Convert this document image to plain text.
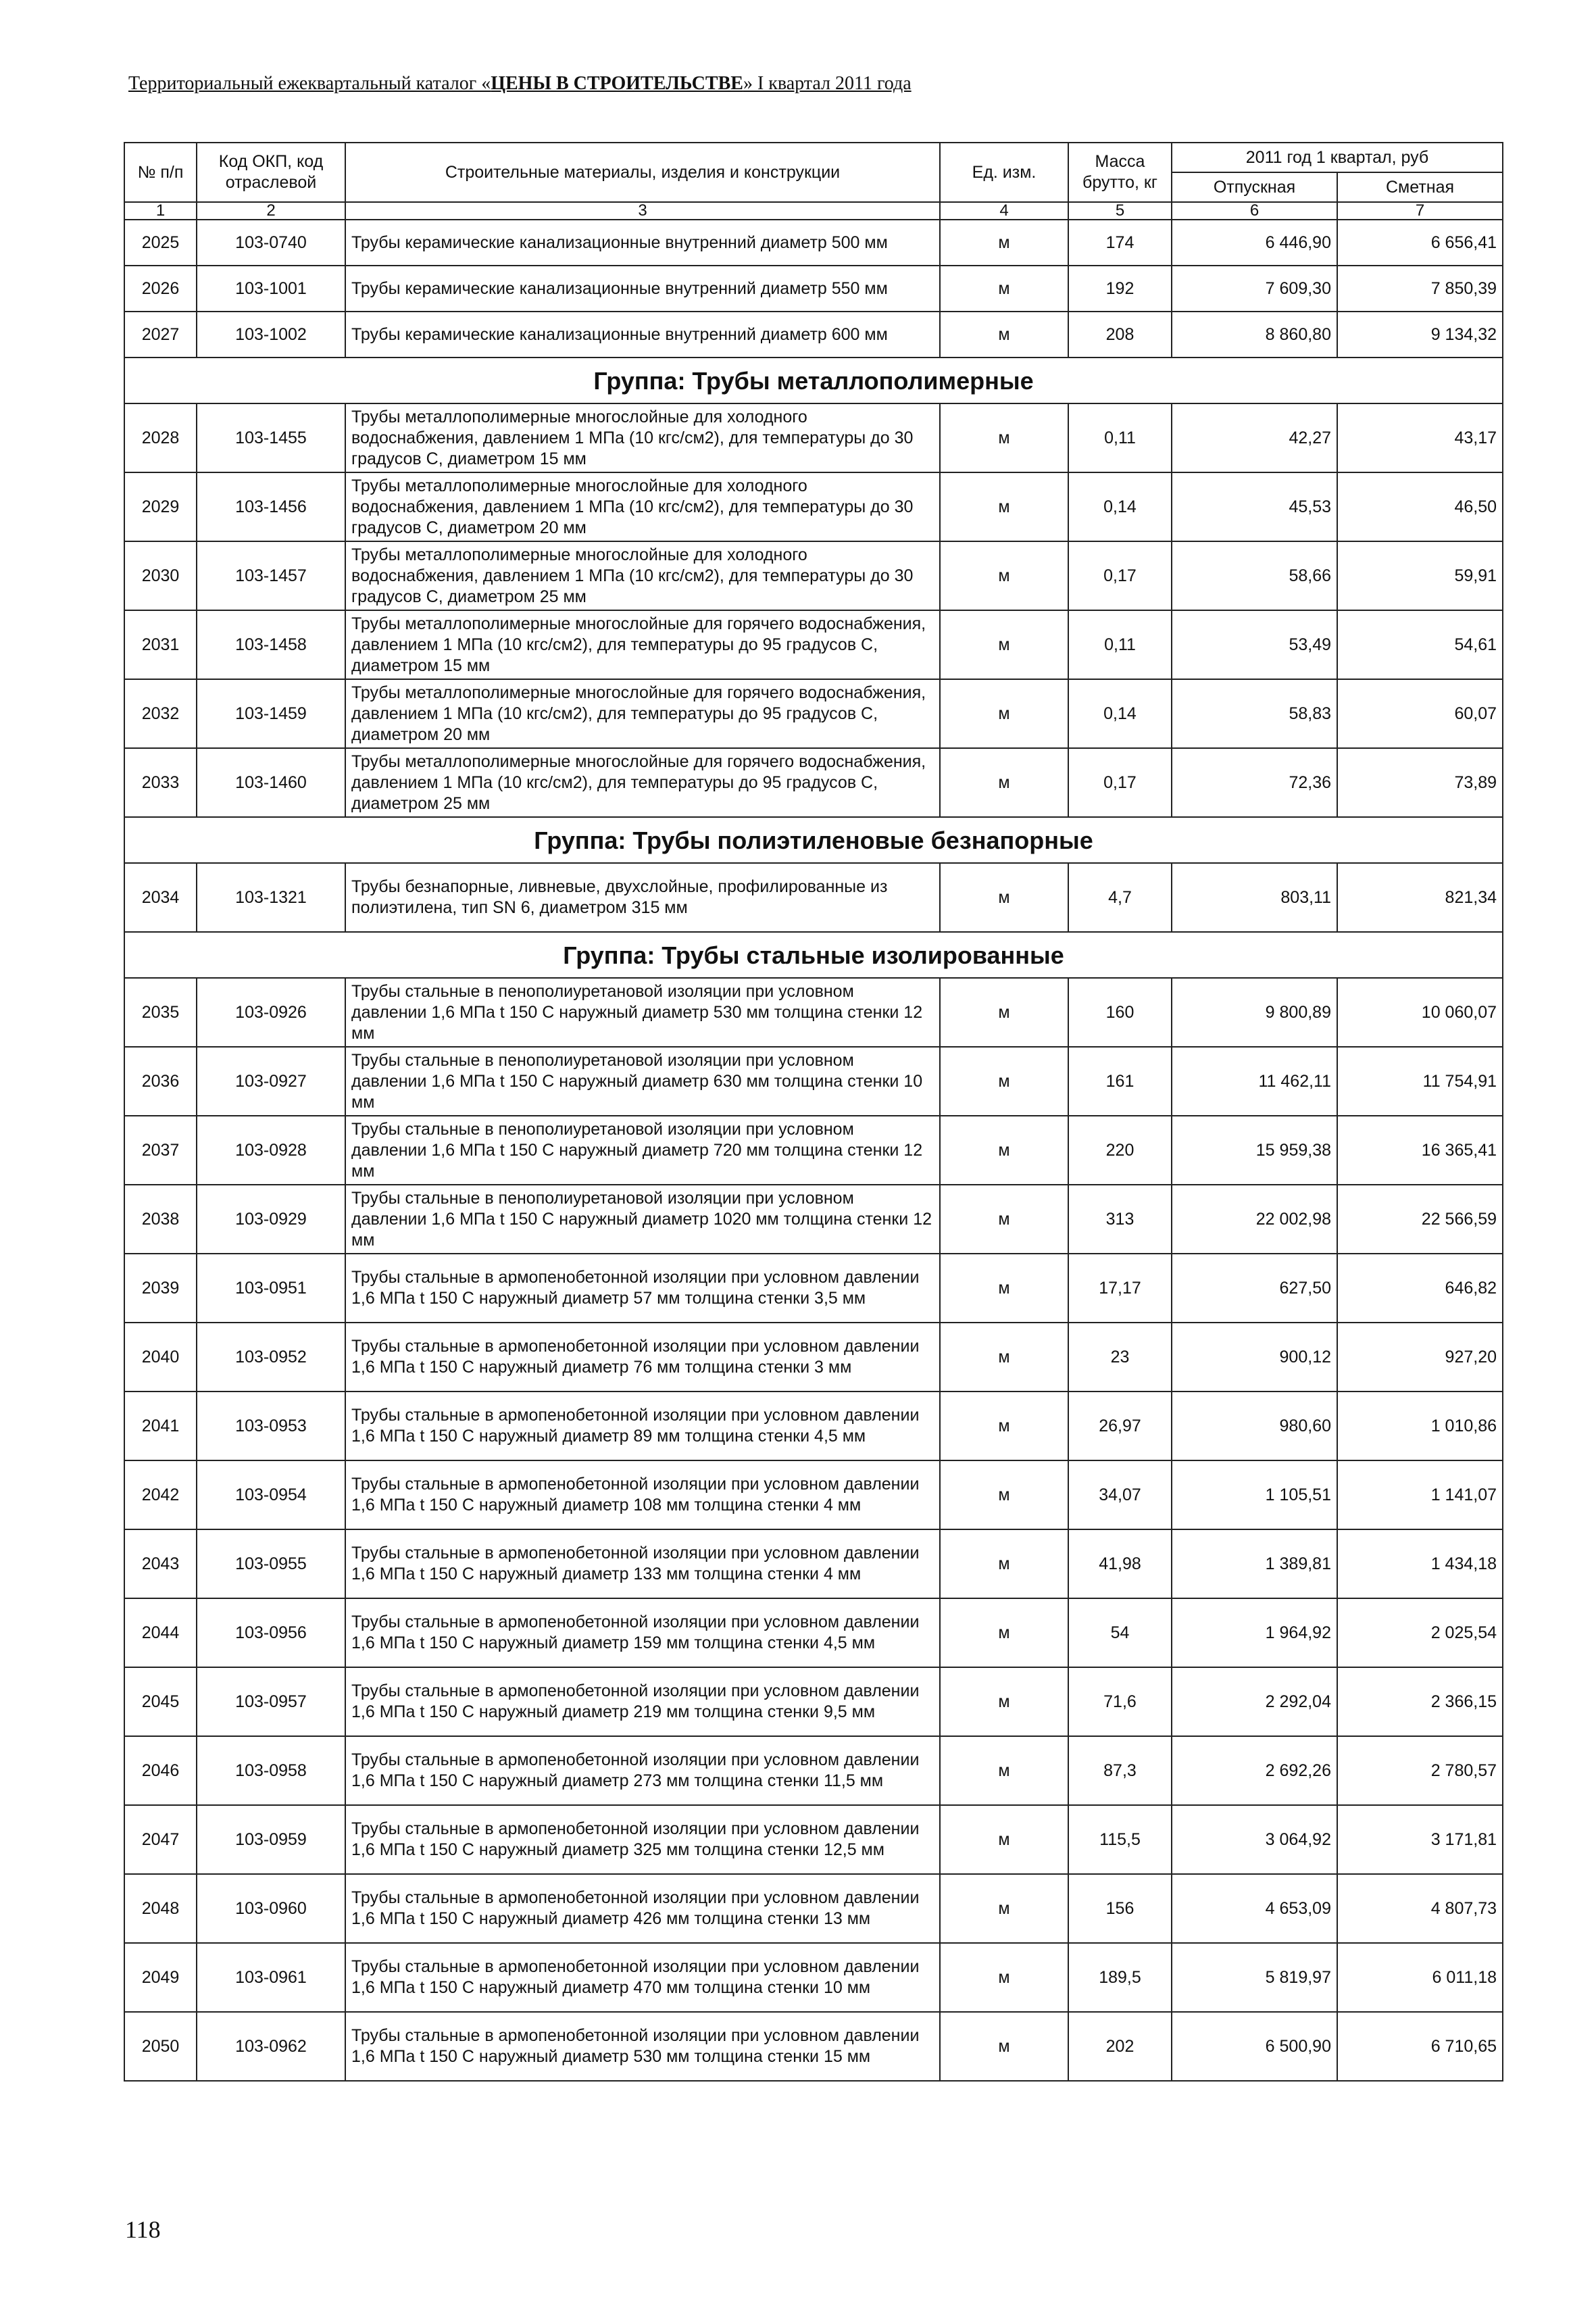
Территориальный ежеквартальный каталог «ЦЕНЫ В СТРОИТЕЛЬСТВЕ» I квартал 2011 года
№ п/п	Код ОКП, код отраслевой	Строительные материалы, изделия и конструкции	Ед. изм.	Масса брутто, кг	2011 год 1 квартал, руб	
					Отпускная	Сметная
1	2	3	4	5	6	7
2025	103-0740	Трубы керамические канализационные внутренний диаметр 500 мм	м	174	6 446,90	6 656,41
2026	103-1001	Трубы керамические канализационные внутренний диаметр 550 мм	м	192	7 609,30	7 850,39
2027	103-1002	Трубы керамические канализационные внутренний диаметр 600 мм	м	208	8 860,80	9 134,32
Группа: Трубы металлополимерные						
2028	103-1455	Трубы металлополимерные многослойные для холодного водоснабжения, давлением 1 МПа (10 кгс/см2), для температуры до 30 градусов С, диаметром 15 мм	м	0,11	42,27	43,17
2029	103-1456	Трубы металлополимерные многослойные для холодного водоснабжения, давлением 1 МПа (10 кгс/см2), для температуры до 30 градусов С, диаметром 20 мм	м	0,14	45,53	46,50
2030	103-1457	Трубы металлополимерные многослойные для холодного водоснабжения, давлением 1 МПа (10 кгс/см2), для температуры до 30 градусов С, диаметром 25 мм	м	0,17	58,66	59,91
2031	103-1458	Трубы металлополимерные многослойные для горячего водоснабжения, давлением 1 МПа (10 кгс/см2), для температуры до 95 градусов С, диаметром 15 мм	м	0,11	53,49	54,61
2032	103-1459	Трубы металлополимерные многослойные для горячего водоснабжения, давлением 1 МПа (10 кгс/см2), для температуры до 95 градусов С, диаметром 20 мм	м	0,14	58,83	60,07
2033	103-1460	Трубы металлополимерные многослойные для горячего водоснабжения, давлением 1 МПа (10 кгс/см2), для температуры до 95 градусов С, диаметром 25 мм	м	0,17	72,36	73,89
Группа: Трубы полиэтиленовые безнапорные						
2034	103-1321	Трубы безнапорные, ливневые, двухслойные, профилированные из полиэтилена, тип SN 6, диаметром 315 мм	м	4,7	803,11	821,34
Группа: Трубы стальные изолированные						
2035	103-0926	Трубы стальные в пенополиуретановой изоляции при условном давлении 1,6 МПа t 150 С наружный диаметр 530 мм толщина стенки 12 мм	м	160	9 800,89	10 060,07
2036	103-0927	Трубы стальные в пенополиуретановой изоляции при условном давлении 1,6 МПа t 150 С наружный диаметр 630 мм толщина стенки 10 мм	м	161	11 462,11	11 754,91
2037	103-0928	Трубы стальные в пенополиуретановой изоляции при условном давлении 1,6 МПа t 150 С наружный диаметр 720 мм толщина стенки 12 мм	м	220	15 959,38	16 365,41
2038	103-0929	Трубы стальные в пенополиуретановой изоляции при условном давлении 1,6 МПа t 150 С наружный диаметр 1020 мм толщина стенки 12 мм	м	313	22 002,98	22 566,59
2039	103-0951	Трубы стальные в армопенобетонной изоляции при условном давлении 1,6 МПа t 150 С наружный диаметр 57 мм толщина стенки 3,5 мм	м	17,17	627,50	646,82
2040	103-0952	Трубы стальные в армопенобетонной изоляции при условном давлении 1,6 МПа t 150 С наружный диаметр 76 мм толщина стенки 3 мм	м	23	900,12	927,20
2041	103-0953	Трубы стальные в армопенобетонной изоляции при условном давлении 1,6 МПа t 150 С наружный диаметр 89 мм толщина стенки 4,5 мм	м	26,97	980,60	1 010,86
2042	103-0954	Трубы стальные в армопенобетонной изоляции при условном давлении 1,6 МПа t 150 С наружный диаметр 108 мм толщина стенки 4 мм	м	34,07	1 105,51	1 141,07
2043	103-0955	Трубы стальные в армопенобетонной изоляции при условном давлении 1,6 МПа t 150 С наружный диаметр 133 мм толщина стенки 4 мм	м	41,98	1 389,81	1 434,18
2044	103-0956	Трубы стальные в армопенобетонной изоляции при условном давлении 1,6 МПа t 150 С наружный диаметр 159 мм толщина стенки 4,5 мм	м	54	1 964,92	2 025,54
2045	103-0957	Трубы стальные в армопенобетонной изоляции при условном давлении 1,6 МПа t 150 С наружный диаметр 219 мм толщина стенки 9,5 мм	м	71,6	2 292,04	2 366,15
2046	103-0958	Трубы стальные в армопенобетонной изоляции при условном давлении 1,6 МПа t 150 С наружный диаметр 273 мм толщина стенки 11,5 мм	м	87,3	2 692,26	2 780,57
2047	103-0959	Трубы стальные в армопенобетонной изоляции при условном давлении 1,6 МПа t 150 С наружный диаметр 325 мм толщина стенки 12,5 мм	м	115,5	3 064,92	3 171,81
2048	103-0960	Трубы стальные в армопенобетонной изоляции при условном давлении 1,6 МПа t 150 С наружный диаметр 426 мм толщина стенки 13 мм	м	156	4 653,09	4 807,73
2049	103-0961	Трубы стальные в армопенобетонной изоляции при условном давлении 1,6 МПа t 150 С наружный диаметр 470 мм толщина стенки 10 мм	м	189,5	5 819,97	6 011,18
2050	103-0962	Трубы стальные в армопенобетонной изоляции при условном давлении 1,6 МПа t 150 С наружный диаметр 530 мм толщина стенки 15 мм	м	202	6 500,90	6 710,65
118
